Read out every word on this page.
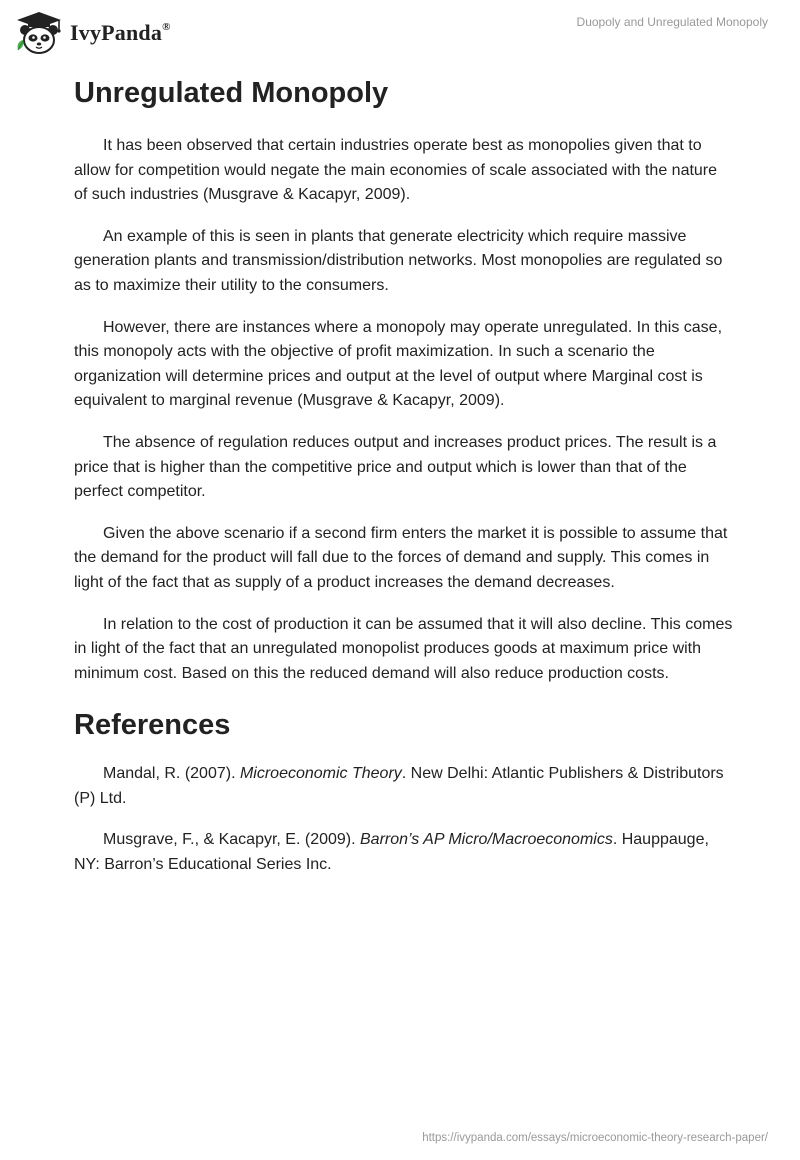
IvyPanda®	Duopoly and Unregulated Monopoly
Unregulated Monopoly

It has been observed that certain industries operate best as monopolies given that to allow for competition would negate the main economies of scale associated with the nature of such industries (Musgrave & Kacapyr, 2009).

An example of this is seen in plants that generate electricity which require massive generation plants and transmission/distribution networks. Most monopolies are regulated so as to maximize their utility to the consumers.

However, there are instances where a monopoly may operate unregulated. In this case, this monopoly acts with the objective of profit maximization. In such a scenario the organization will determine prices and output at the level of output where Marginal cost is equivalent to marginal revenue (Musgrave & Kacapyr, 2009).

The absence of regulation reduces output and increases product prices. The result is a price that is higher than the competitive price and output which is lower than that of the perfect competitor.

Given the above scenario if a second firm enters the market it is possible to assume that the demand for the product will fall due to the forces of demand and supply. This comes in light of the fact that as supply of a product increases the demand decreases.

In relation to the cost of production it can be assumed that it will also decline. This comes in light of the fact that an unregulated monopolist produces goods at maximum price with minimum cost. Based on this the reduced demand will also reduce production costs.

References

Mandal, R. (2007). Microeconomic Theory. New Delhi: Atlantic Publishers & Distributors (P) Ltd.

Musgrave, F., & Kacapyr, E. (2009). Barron’s AP Micro/Macroeconomics. Hauppauge, NY: Barron’s Educational Series Inc.

https://ivypanda.com/essays/microeconomic-theory-research-paper/
